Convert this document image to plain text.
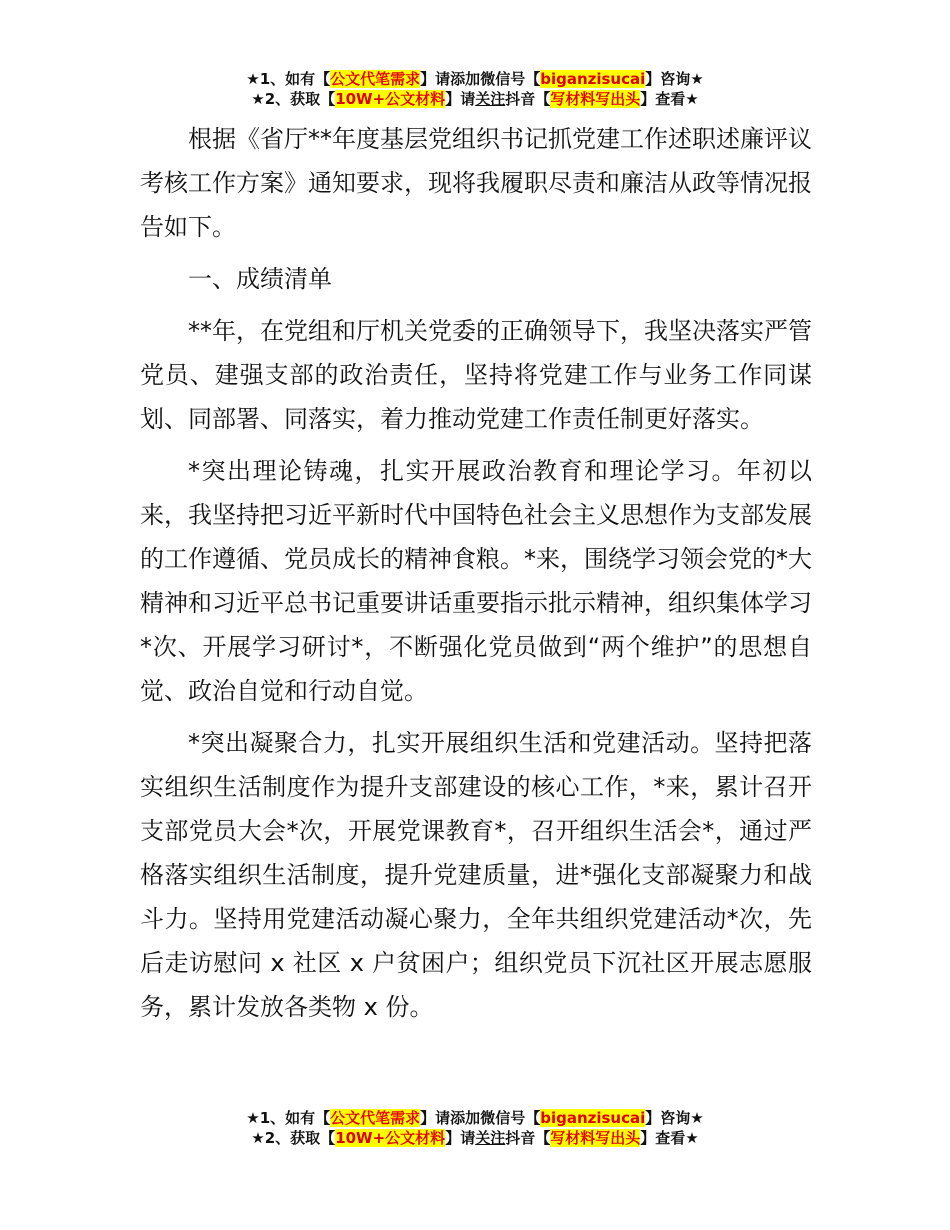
★1、如有【公文代笔需求】请添加微信号【biganzisucai】咨询★
★2、获取【10W+公文材料】请关注抖音【写材料写出头】查看★

根据《省厅**年度基层党组织书记抓党建工作述职述廉评议考核工作方案》通知要求，现将我履职尽责和廉洁从政等情况报告如下。

一、成绩清单

**年，在党组和厅机关党委的正确领导下，我坚决落实严管党员、建强支部的政治责任，坚持将党建工作与业务工作同谋划、同部署、同落实，着力推动党建工作责任制更好落实。

*突出理论铸魂，扎实开展政治教育和理论学习。年初以来，我坚持把习近平新时代中国特色社会主义思想作为支部发展的工作遵循、党员成长的精神食粮。*来，围绕学习领会党的*大精神和习近平总书记重要讲话重要指示批示精神，组织集体学习*次、开展学习研讨*，不断强化党员做到“两个维护”的思想自觉、政治自觉和行动自觉。

*突出凝聚合力，扎实开展组织生活和党建活动。坚持把落实组织生活制度作为提升支部建设的核心工作，*来，累计召开支部党员大会*次，开展党课教育*，召开组织生活会*，通过严格落实组织生活制度，提升党建质量，进*强化支部凝聚力和战斗力。坚持用党建活动凝心聚力，全年共组织党建活动*次，先后走访慰问 x 社区 x 户贫困户；组织党员下沉社区开展志愿服务，累计发放各类物 x 份。

★1、如有【公文代笔需求】请添加微信号【biganzisucai】咨询★
★2、获取【10W+公文材料】请关注抖音【写材料写出头】查看★
